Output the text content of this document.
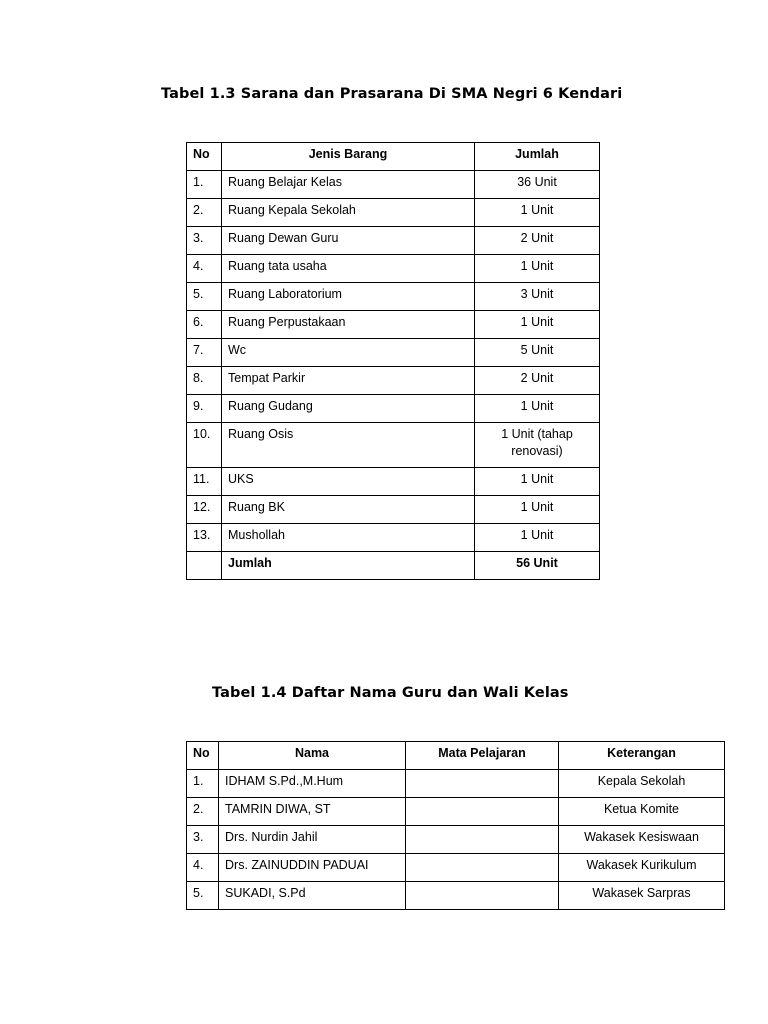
Tabel 1.3 Sarana dan Prasarana Di SMA Negri 6 Kendari
No	Jenis Barang	Jumlah
1.	Ruang Belajar Kelas	36 Unit
2.	Ruang Kepala Sekolah	1 Unit
3.	Ruang Dewan Guru	2 Unit
4.	Ruang tata usaha	1 Unit
5.	Ruang Laboratorium	3 Unit
6.	Ruang Perpustakaan	1 Unit
7.	Wc	5 Unit
8.	Tempat Parkir	2 Unit
9.	Ruang Gudang	1 Unit
10.	Ruang Osis	1 Unit (tahap renovasi)
11.	UKS	1 Unit
12.	Ruang BK	1 Unit
13.	Mushollah	1 Unit
	Jumlah	56 Unit
Tabel 1.4 Daftar Nama Guru dan Wali Kelas
No	Nama	Mata Pelajaran	Keterangan
1.	IDHAM S.Pd.,M.Hum		Kepala Sekolah
2.	TAMRIN DIWA, ST		Ketua Komite
3.	Drs. Nurdin Jahil		Wakasek Kesiswaan
4.	Drs. ZAINUDDIN PADUAI		Wakasek Kurikulum
5.	SUKADI, S.Pd		Wakasek Sarpras
